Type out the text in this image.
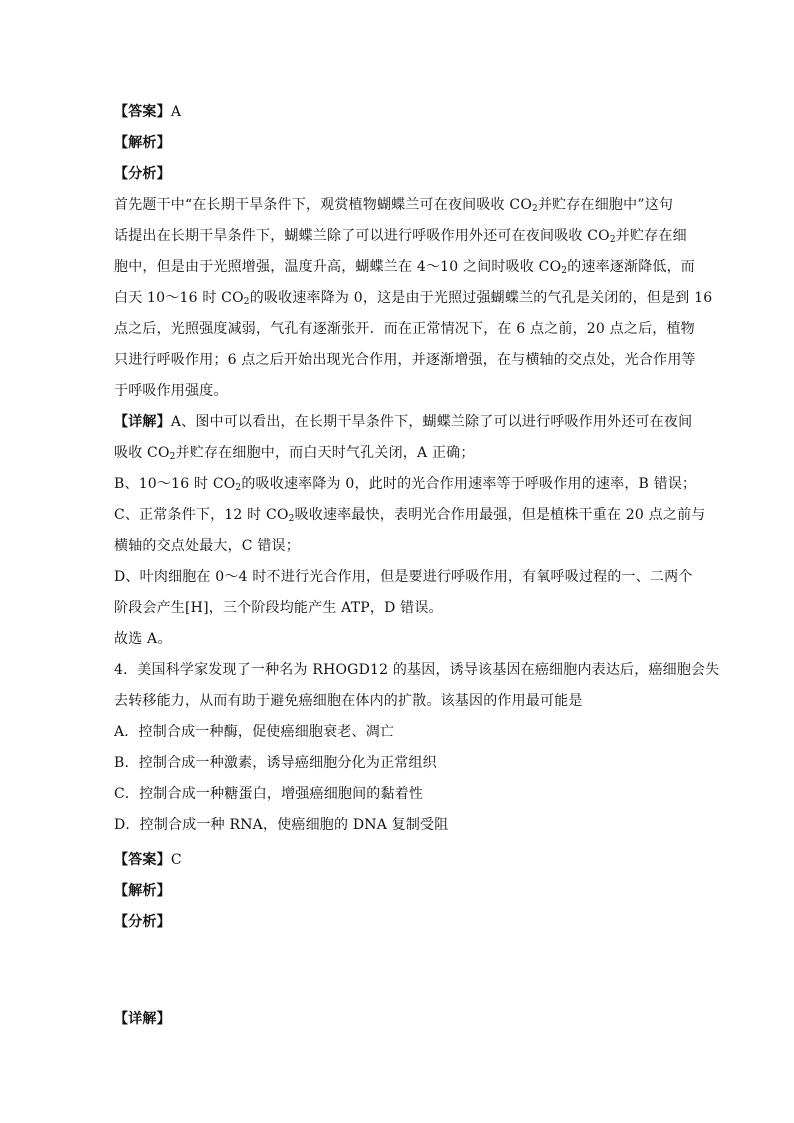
【答案】A
【解析】
【分析】
首先题干中“在长期干旱条件下，观赏植物蝴蝶兰可在夜间吸收 $CO_2$并贮存在细胞中”这句
话提出在长期干旱条件下，蝴蝶兰除了可以进行呼吸作用外还可在夜间吸收 $CO_2$并贮存在细
胞中，但是由于光照增强，温度升高，蝴蝶兰在 4～10 之间时吸收 $CO_2$的速率逐渐降低，而
白天 10～16 时 $CO_2$的吸收速率降为 0，这是由于光照过强蝴蝶兰的气孔是关闭的，但是到 16
点之后，光照强度减弱，气孔有逐渐张开．而在正常情况下，在 6 点之前，20 点之后，植物
只进行呼吸作用；6 点之后开始出现光合作用，并逐渐增强，在与横轴的交点处，光合作用等
于呼吸作用强度。
【详解】A、图中可以看出，在长期干旱条件下，蝴蝶兰除了可以进行呼吸作用外还可在夜间
吸收 $CO_2$并贮存在细胞中，而白天时气孔关闭，A 正确；
B、10～16 时 $CO_2$的吸收速率降为 0，此时的光合作用速率等于呼吸作用的速率，B 错误；
C、正常条件下，12 时 $CO_2$吸收速率最快，表明光合作用最强，但是植株干重在 20 点之前与
横轴的交点处最大，C 错误；
D、叶肉细胞在 0～4 时不进行光合作用，但是要进行呼吸作用，有氧呼吸过程的一、二两个
阶段会产生[H]，三个阶段均能产生 ATP，D 错误。
故选 A。
4．美国科学家发现了一种名为 RHOGD12 的基因，诱导该基因在癌细胞内表达后，癌细胞会失
去转移能力，从而有助于避免癌细胞在体内的扩散。该基因的作用最可能是
A．控制合成一种酶，促使癌细胞衰老、凋亡
B．控制合成一种激素，诱导癌细胞分化为正常组织
C．控制合成一种糖蛋白，增强癌细胞间的黏着性
D．控制合成一种 RNA，使癌细胞的 DNA 复制受阻
【答案】C
【解析】
【分析】
【详解】
